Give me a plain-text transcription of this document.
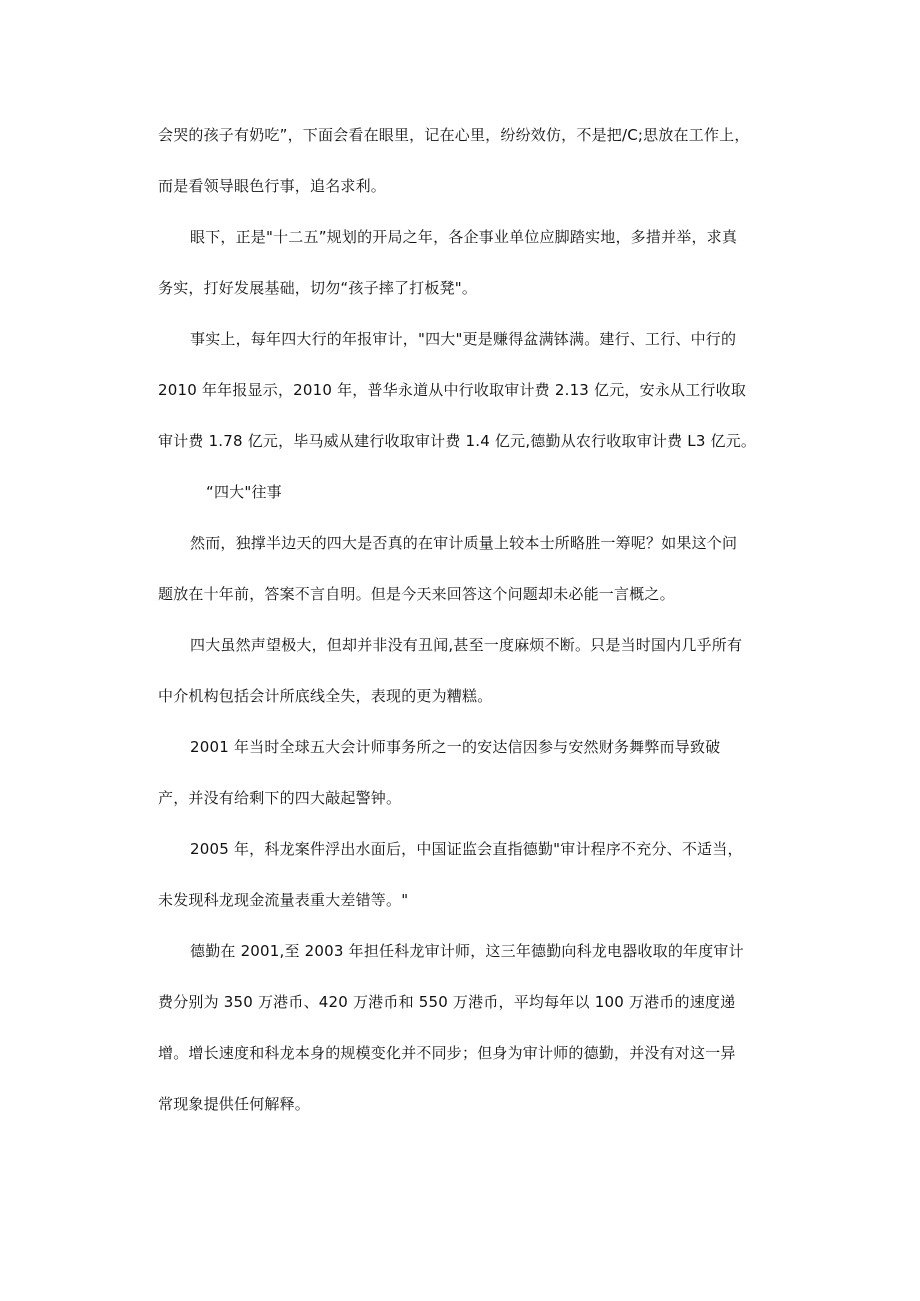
会哭的孩子有奶吃”，下面会看在眼里，记在心里，纷纷效仿，不是把/C;思放在工作上，
而是看领导眼色行事，追名求利。
眼下，正是"十二五”规划的开局之年，各企事业单位应脚踏实地，多措并举，求真
务实，打好发展基础，切勿“孩子摔了打板凳"。
事实上，每年四大行的年报审计，"四大"更是赚得盆满钵满。建行、工行、中行的
2010 年年报显示，2010 年，普华永道从中行收取审计费 2.13 亿元，安永从工行收取
审计费 1.78 亿元，毕马威从建行收取审计费 1.4 亿元,德勤从农行收取审计费 L3 亿元。
“四大"往事
然而，独撑半边天的四大是否真的在审计质量上较本士所略胜一筹呢？如果这个问
题放在十年前，答案不言自明。但是今天来回答这个问题却未必能一言概之。
四大虽然声望极大，但却并非没有丑闻,甚至一度麻烦不断。只是当时国内几乎所有
中介机构包括会计所底线全失，表现的更为糟糕。
2001 年当时全球五大会计师事务所之一的安达信因参与安然财务舞弊而导致破
产，并没有给剩下的四大敲起警钟。
2005 年，科龙案件浮出水面后，中国证监会直指德勤"审计程序不充分、不适当，
未发现科龙现金流量表重大差错等。"
德勤在 2001,至 2003 年担任科龙审计师，这三年德勤向科龙电器收取的年度审计
费分别为 350 万港币、420 万港币和 550 万港币，平均每年以 100 万港币的速度递
增。增长速度和科龙本身的规模变化并不同步；但身为审计师的德勤，并没有对这一异
常现象提供任何解释。
